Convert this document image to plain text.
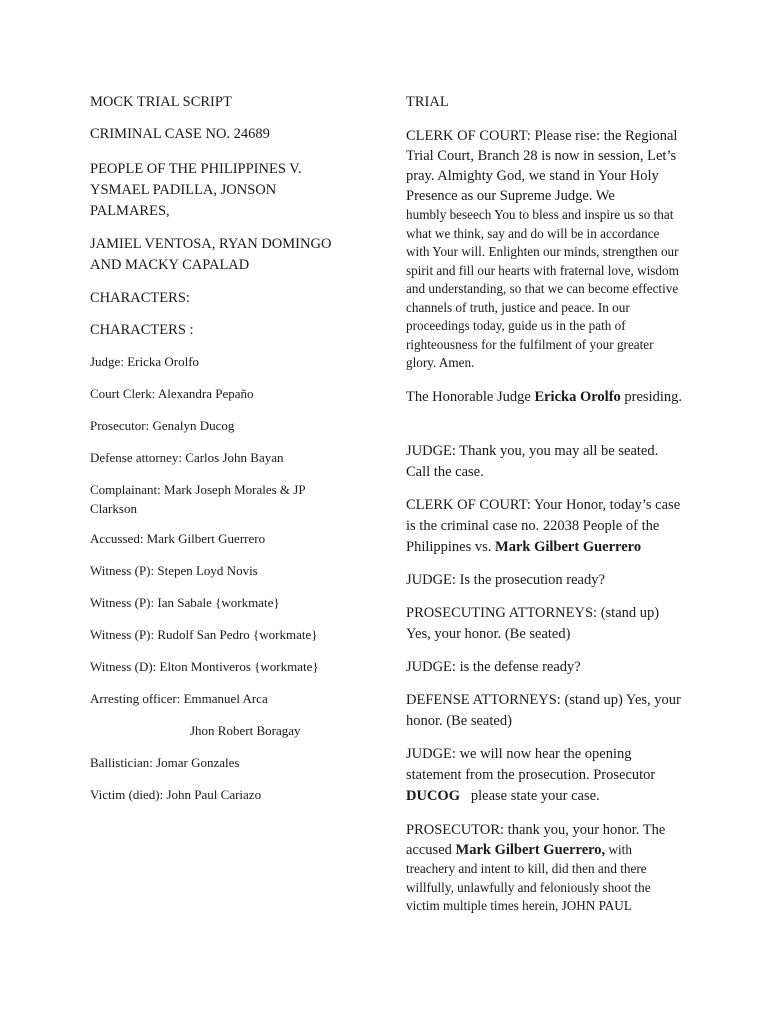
MOCK TRIAL SCRIPT

CRIMINAL CASE NO. 24689

PEOPLE OF THE PHILIPPINES V. YSMAEL PADILLA, JONSON PALMARES,

JAMIEL VENTOSA, RYAN DOMINGO AND MACKY CAPALAD

CHARACTERS:

CHARACTERS :

Judge: Ericka Orolfo

Court Clerk: Alexandra Pepaño

Prosecutor: Genalyn Ducog

Defense attorney: Carlos John Bayan

Complainant: Mark Joseph Morales & JP Clarkson

Accussed: Mark Gilbert Guerrero

Witness (P): Stepen Loyd Novis

Witness (P): Ian Sabale {workmate}

Witness (P): Rudolf San Pedro {workmate}

Witness (D): Elton Montiveros {workmate}

Arresting officer: Emmanuel Arca

Jhon Robert Boragay

Ballistician: Jomar Gonzales

Victim (died): John Paul Cariazo

TRIAL

CLERK OF COURT: Please rise: the Regional Trial Court, Branch 28 is now in session, Let’s pray. Almighty God, we stand in Your Holy Presence as our Supreme Judge. We

humbly beseech You to bless and inspire us so that what we think, say and do will be in accordance with Your will. Enlighten our minds, strengthen our spirit and fill our hearts with fraternal love, wisdom and understanding, so that we can become effective channels of truth, justice and peace. In our proceedings today, guide us in the path of righteousness for the fulfilment of your greater glory. Amen.

The Honorable Judge Ericka Orolfo presiding.

JUDGE: Thank you, you may all be seated. Call the case.

CLERK OF COURT: Your Honor, today’s case is the criminal case no. 22038 People of the Philippines vs. Mark Gilbert Guerrero

JUDGE: Is the prosecution ready?

PROSECUTING ATTORNEYS: (stand up) Yes, your honor. (Be seated)

JUDGE: is the defense ready?

DEFENSE ATTORNEYS: (stand up) Yes, your honor. (Be seated)

JUDGE: we will now hear the opening statement from the prosecution. Prosecutor DUCOG   please state your case.

PROSECUTOR: thank you, your honor. The accused Mark Gilbert Guerrero, with

treachery and intent to kill, did then and there willfully, unlawfully and feloniously shoot the victim multiple times herein, JOHN PAUL
